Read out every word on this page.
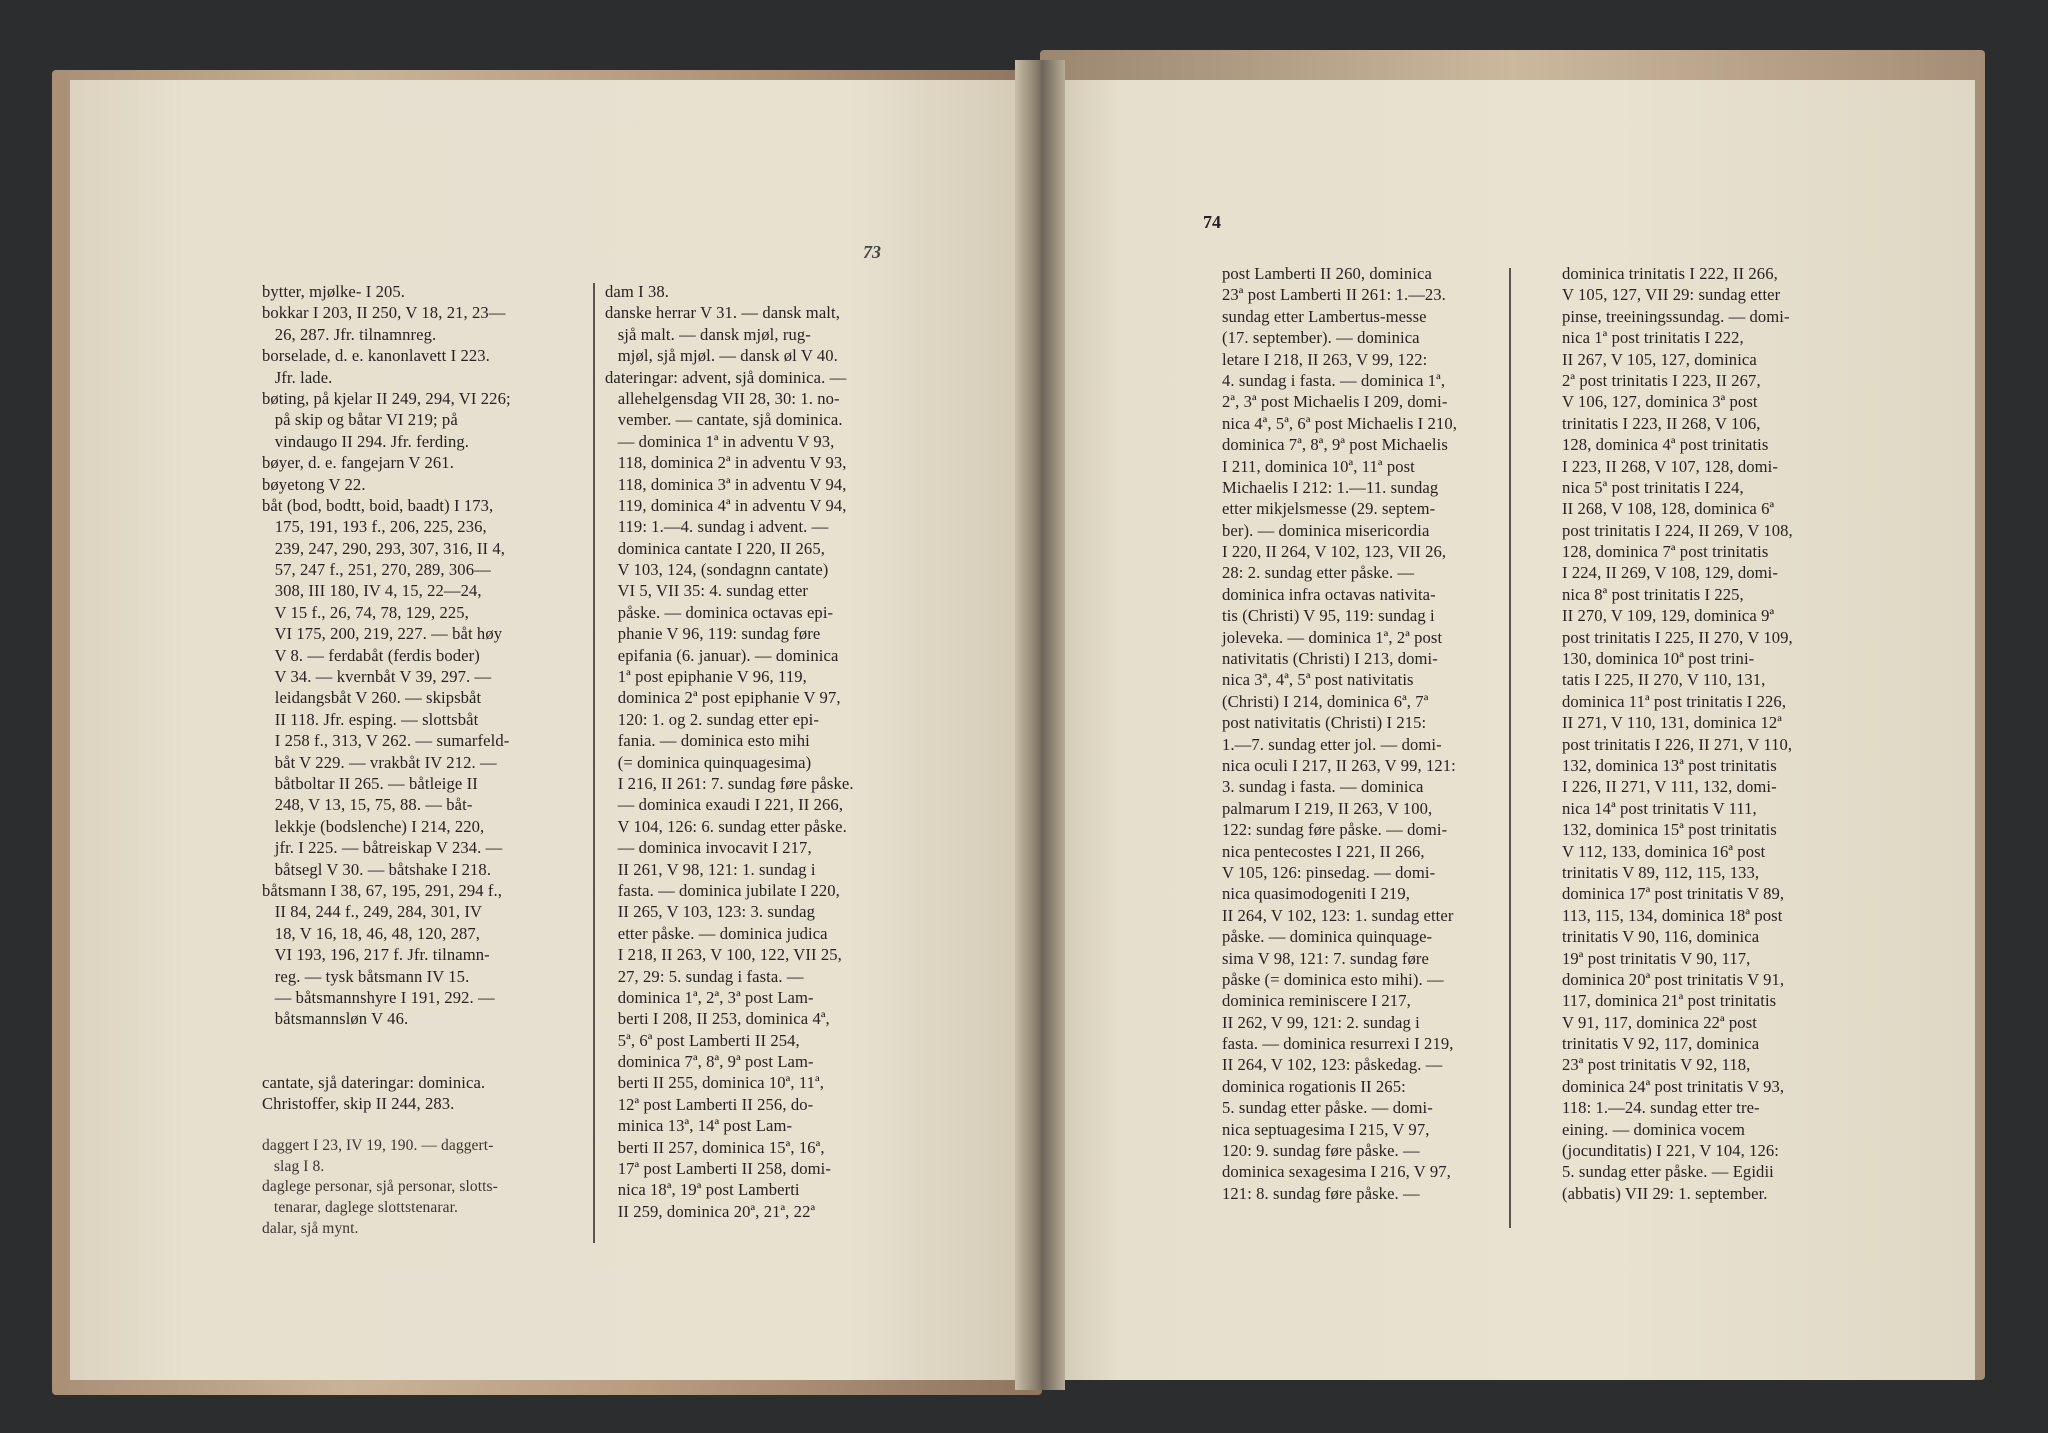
73
bytter, mjølke- I 205.
bokkar I 203, II 250, V 18, 21, 23—
26, 287. Jfr. tilnamnreg.
borselade, d. e. kanonlavett I 223.
Jfr. lade.
bøting, på kjelar II 249, 294, VI 226;
på skip og båtar VI 219; på
vindaugo II 294. Jfr. ferding.
bøyer, d. e. fangejarn V 261.
bøyetong V 22.
båt (bod, bodtt, boid, baadt) I 173,
175, 191, 193 f., 206, 225, 236,
239, 247, 290, 293, 307, 316, II 4,
57, 247 f., 251, 270, 289, 306—
308, III 180, IV 4, 15, 22—24,
V 15 f., 26, 74, 78, 129, 225,
VI 175, 200, 219, 227. — båt høy
V 8. — ferdabåt (ferdis boder)
V 34. — kvernbåt V 39, 297. —
leidangsbåt V 260. — skipsbåt
II 118. Jfr. esping. — slottsbåt
I 258 f., 313, V 262. — sumarfeld-
båt V 229. — vrakbåt IV 212. —
båtboltar II 265. — båtleige II
248, V 13, 15, 75, 88. — båt-
lekkje (bodslenche) I 214, 220,
jfr. I 225. — båtreiskap V 234. —
båtsegl V 30. — båtshake I 218.
båtsmann I 38, 67, 195, 291, 294 f.,
II 84, 244 f., 249, 284, 301, IV
18, V 16, 18, 46, 48, 120, 287,
VI 193, 196, 217 f. Jfr. tilnamn-
reg. — tysk båtsmann IV 15.
— båtsmannshyre I 191, 292. —
båtsmannsløn V 46.
cantate, sjå dateringar: dominica.
Christoffer, skip II 244, 283.
daggert I 23, IV 19, 190. — daggert-
slag I 8.
daglege personar, sjå personar, slotts-
tenarar, daglege slottstenarar.
dalar, sjå mynt.
dam I 38.
danske herrar V 31. — dansk malt,
sjå malt. — dansk mjøl, rug-
mjøl, sjå mjøl. — dansk øl V 40.
dateringar: advent, sjå dominica. —
allehelgensdag VII 28, 30: 1. no-
vember. — cantate, sjå dominica.
— dominica 1ª in adventu V 93,
118, dominica 2ª in adventu V 93,
118, dominica 3ª in adventu V 94,
119, dominica 4ª in adventu V 94,
119: 1.—4. sundag i advent. —
dominica cantate I 220, II 265,
V 103, 124, (sondagnn cantate)
VI 5, VII 35: 4. sundag etter
påske. — dominica octavas epi-
phanie V 96, 119: sundag føre
epifania (6. januar). — dominica
1ª post epiphanie V 96, 119,
dominica 2ª post epiphanie V 97,
120: 1. og 2. sundag etter epi-
fania. — dominica esto mihi
(= dominica quinquagesima)
I 216, II 261: 7. sundag føre påske.
— dominica exaudi I 221, II 266,
V 104, 126: 6. sundag etter påske.
— dominica invocavit I 217,
II 261, V 98, 121: 1. sundag i
fasta. — dominica jubilate I 220,
II 265, V 103, 123: 3. sundag
etter påske. — dominica judica
I 218, II 263, V 100, 122, VII 25,
27, 29: 5. sundag i fasta. —
dominica 1ª, 2ª, 3ª post Lam-
berti I 208, II 253, dominica 4ª,
5ª, 6ª post Lamberti II 254,
dominica 7ª, 8ª, 9ª post Lam-
berti II 255, dominica 10ª, 11ª,
12ª post Lamberti II 256, do-
minica 13ª, 14ª post Lam-
berti II 257, dominica 15ª, 16ª,
17ª post Lamberti II 258, domi-
nica 18ª, 19ª post Lamberti
II 259, dominica 20ª, 21ª, 22ª
74
post Lamberti II 260, dominica
23ª post Lamberti II 261: 1.—23.
sundag etter Lambertus-messe
(17. september). — dominica
letare I 218, II 263, V 99, 122:
4. sundag i fasta. — dominica 1ª,
2ª, 3ª post Michaelis I 209, domi-
nica 4ª, 5ª, 6ª post Michaelis I 210,
dominica 7ª, 8ª, 9ª post Michaelis
I 211, dominica 10ª, 11ª post
Michaelis I 212: 1.—11. sundag
etter mikjelsmesse (29. septem-
ber). — dominica misericordia
I 220, II 264, V 102, 123, VII 26,
28: 2. sundag etter påske. —
dominica infra octavas nativita-
tis (Christi) V 95, 119: sundag i
joleveka. — dominica 1ª, 2ª post
nativitatis (Christi) I 213, domi-
nica 3ª, 4ª, 5ª post nativitatis
(Christi) I 214, dominica 6ª, 7ª
post nativitatis (Christi) I 215:
1.—7. sundag etter jol. — domi-
nica oculi I 217, II 263, V 99, 121:
3. sundag i fasta. — dominica
palmarum I 219, II 263, V 100,
122: sundag føre påske. — domi-
nica pentecostes I 221, II 266,
V 105, 126: pinsedag. — domi-
nica quasimodogeniti I 219,
II 264, V 102, 123: 1. sundag etter
påske. — dominica quinquage-
sima V 98, 121: 7. sundag føre
påske (= dominica esto mihi). —
dominica reminiscere I 217,
II 262, V 99, 121: 2. sundag i
fasta. — dominica resurrexi I 219,
II 264, V 102, 123: påskedag. —
dominica rogationis II 265:
5. sundag etter påske. — domi-
nica septuagesima I 215, V 97,
120: 9. sundag føre påske. —
dominica sexagesima I 216, V 97,
121: 8. sundag føre påske. —
dominica trinitatis I 222, II 266,
V 105, 127, VII 29: sundag etter
pinse, treeiningssundag. — domi-
nica 1ª post trinitatis I 222,
II 267, V 105, 127, dominica
2ª post trinitatis I 223, II 267,
V 106, 127, dominica 3ª post
trinitatis I 223, II 268, V 106,
128, dominica 4ª post trinitatis
I 223, II 268, V 107, 128, domi-
nica 5ª post trinitatis I 224,
II 268, V 108, 128, dominica 6ª
post trinitatis I 224, II 269, V 108,
128, dominica 7ª post trinitatis
I 224, II 269, V 108, 129, domi-
nica 8ª post trinitatis I 225,
II 270, V 109, 129, dominica 9ª
post trinitatis I 225, II 270, V 109,
130, dominica 10ª post trini-
tatis I 225, II 270, V 110, 131,
dominica 11ª post trinitatis I 226,
II 271, V 110, 131, dominica 12ª
post trinitatis I 226, II 271, V 110,
132, dominica 13ª post trinitatis
I 226, II 271, V 111, 132, domi-
nica 14ª post trinitatis V 111,
132, dominica 15ª post trinitatis
V 112, 133, dominica 16ª post
trinitatis V 89, 112, 115, 133,
dominica 17ª post trinitatis V 89,
113, 115, 134, dominica 18ª post
trinitatis V 90, 116, dominica
19ª post trinitatis V 90, 117,
dominica 20ª post trinitatis V 91,
117, dominica 21ª post trinitatis
V 91, 117, dominica 22ª post
trinitatis V 92, 117, dominica
23ª post trinitatis V 92, 118,
dominica 24ª post trinitatis V 93,
118: 1.—24. sundag etter tre-
eining. — dominica vocem
(jocunditatis) I 221, V 104, 126:
5. sundag etter påske. — Egidii
(abbatis) VII 29: 1. september.
